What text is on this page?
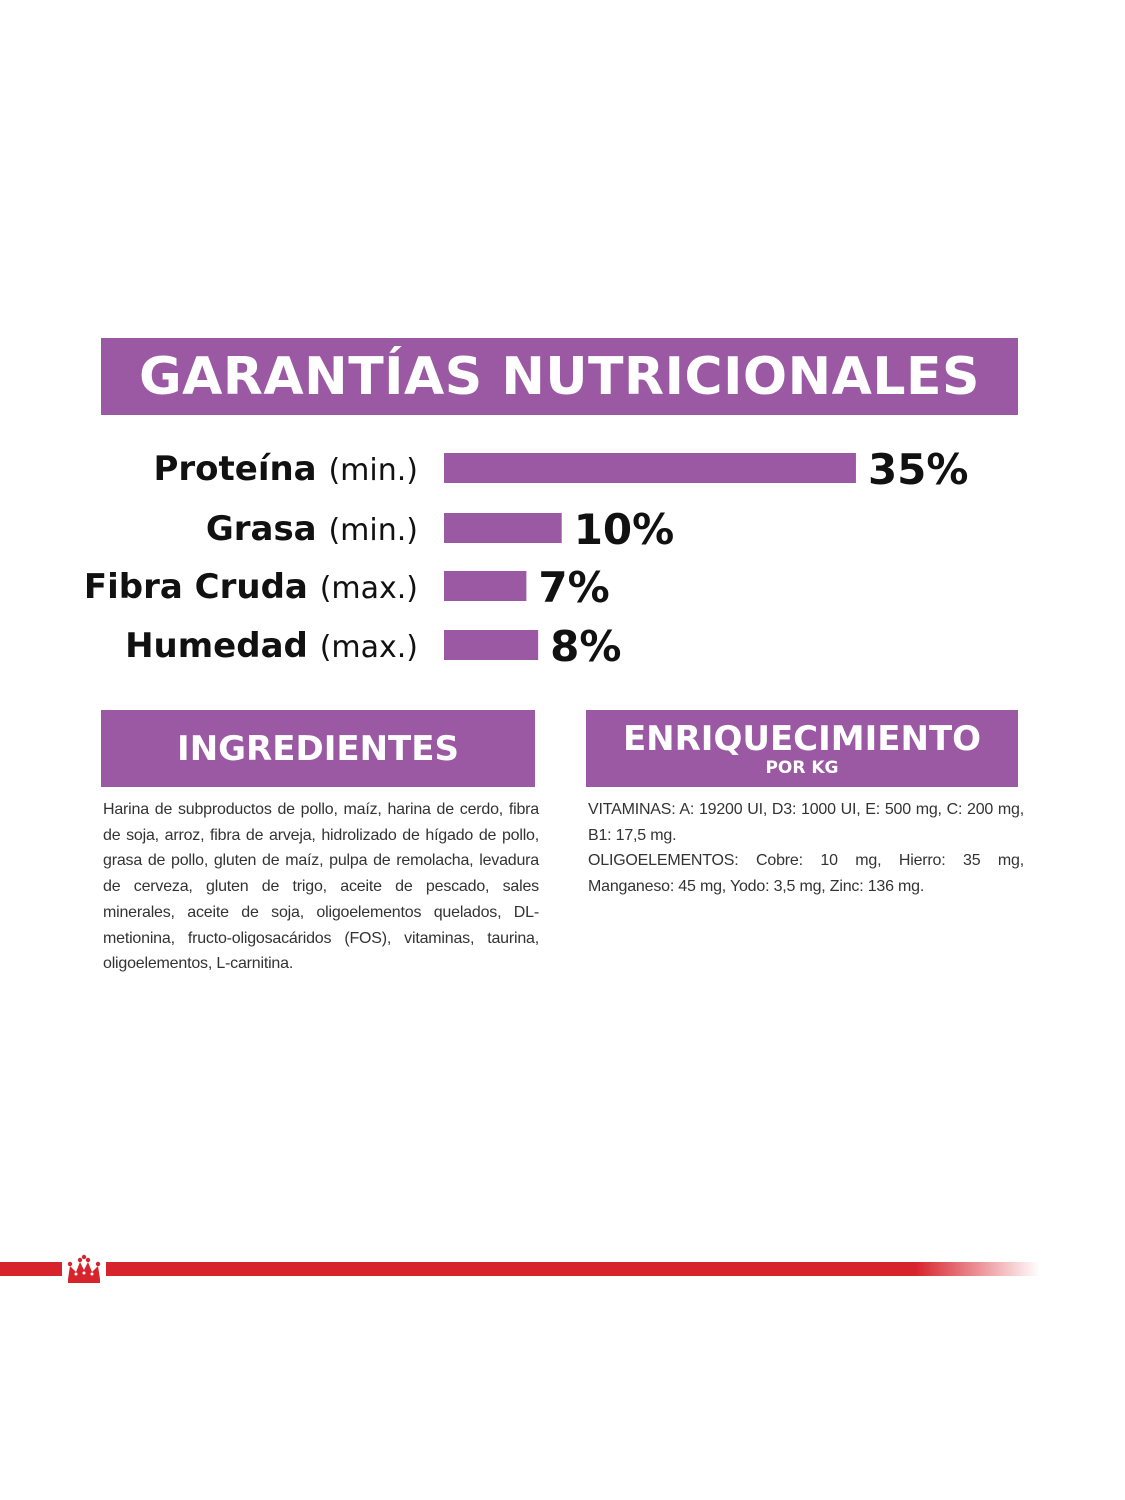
GARANTÍAS NUTRICIONALES
Proteína (min.)	35%
Grasa (min.)	10%
Fibra Cruda (max.)	7%
Humedad (max.)	8%
INGREDIENTES
Harina de subproductos de pollo, maíz, harina de cerdo, fibra de soja, arroz, fibra de arveja, hidrolizado de hígado de pollo, grasa de pollo, gluten de maíz, pulpa de remolacha, levadura de cerveza, gluten de trigo, aceite de pescado, sales minerales, aceite de soja, oligoelementos quelados, DL-metionina, fructo-oligosacáridos (FOS), vitaminas, taurina, oligoelementos, L-carnitina.
ENRIQUECIMIENTO
POR KG

VITAMINAS: A: 19200 UI, D3: 1000 UI, E: 500 mg, C: 200 mg, B1: 17,5 mg.

OLIGOELEMENTOS: Cobre: 10 mg, Hierro: 35 mg, Manganeso: 45 mg, Yodo: 3,5 mg, Zinc: 136 mg.
